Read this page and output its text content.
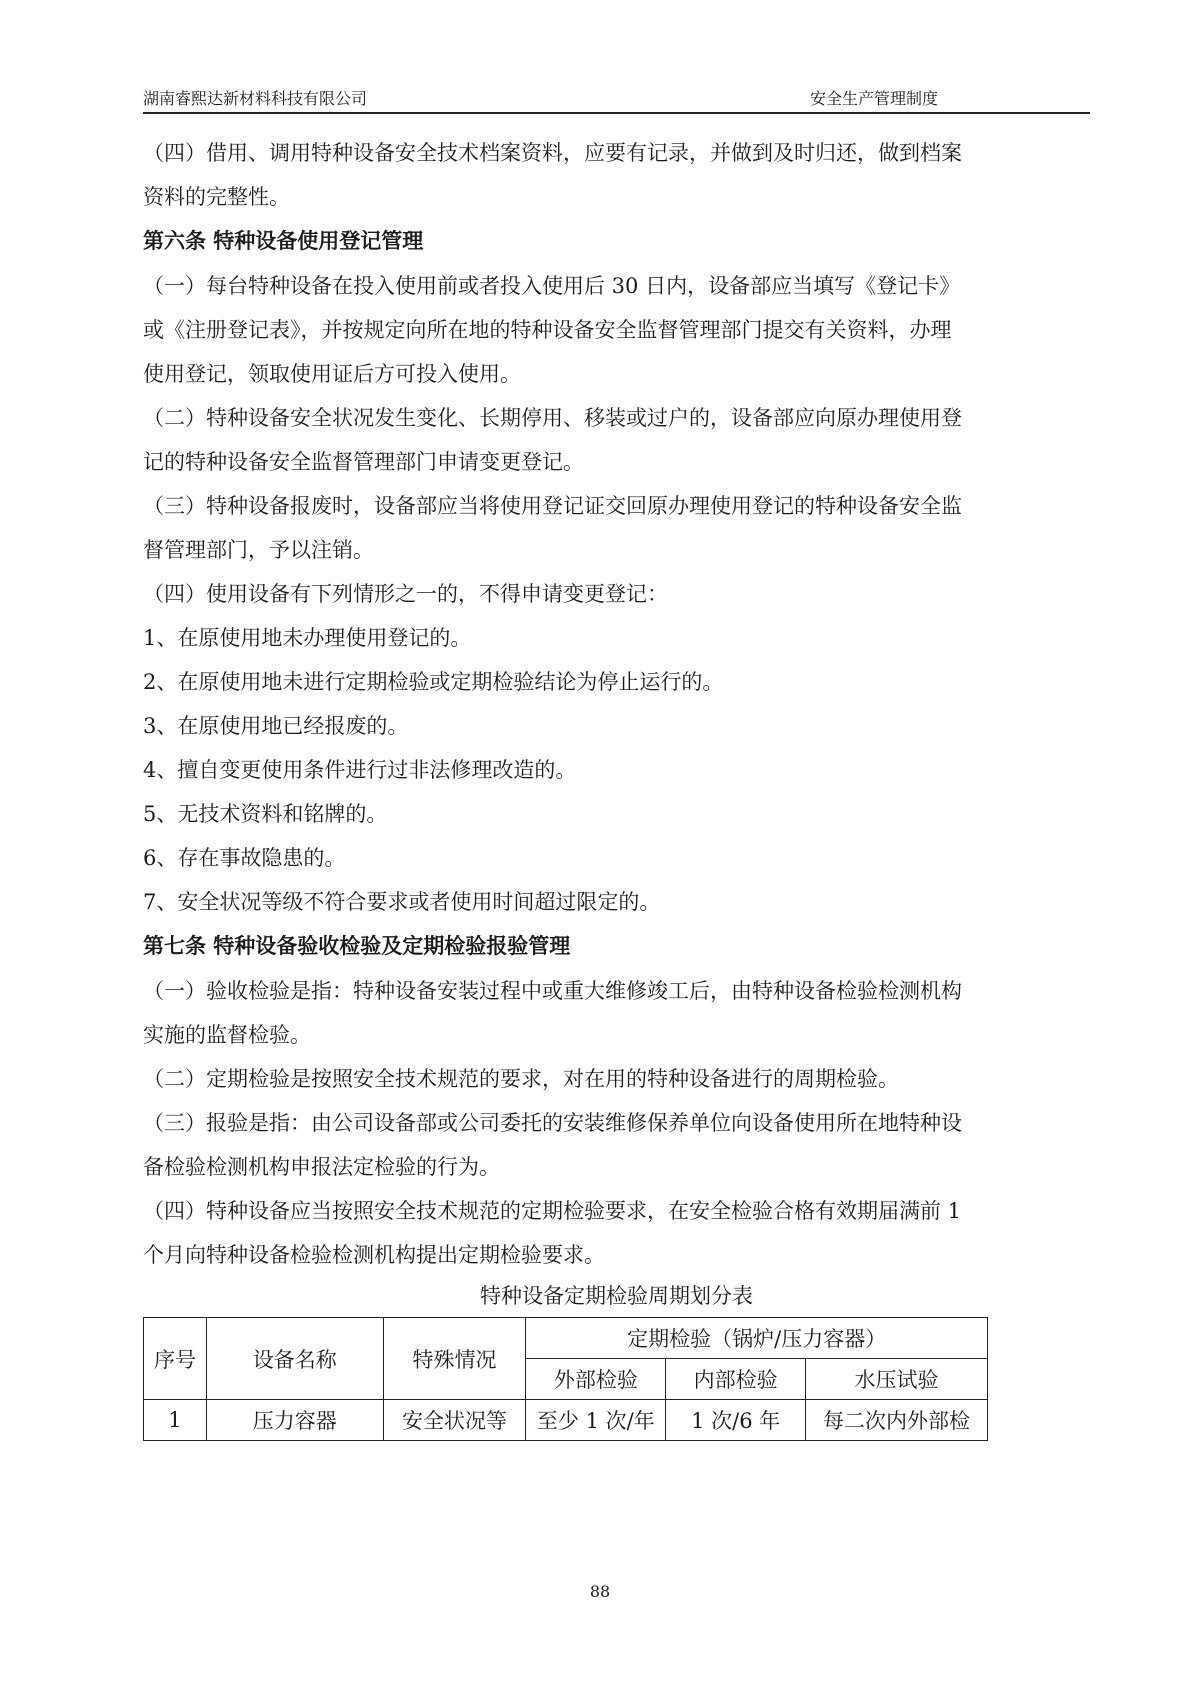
湖南睿熙达新材料科技有限公司	安全生产管理制度
（四）借用、调用特种设备安全技术档案资料，应要有记录，并做到及时归还，做到档案
资料的完整性。
第六条 特种设备使用登记管理
（一）每台特种设备在投入使用前或者投入使用后 30 日内，设备部应当填写《登记卡》
或《注册登记表》，并按规定向所在地的特种设备安全监督管理部门提交有关资料，办理
使用登记，领取使用证后方可投入使用。
（二）特种设备安全状况发生变化、长期停用、移装或过户的，设备部应向原办理使用登
记的特种设备安全监督管理部门申请变更登记。
（三）特种设备报废时，设备部应当将使用登记证交回原办理使用登记的特种设备安全监
督管理部门，予以注销。
（四）使用设备有下列情形之一的，不得申请变更登记：
1、在原使用地未办理使用登记的。
2、在原使用地未进行定期检验或定期检验结论为停止运行的。
3、在原使用地已经报废的。
4、擅自变更使用条件进行过非法修理改造的。
5、无技术资料和铭牌的。
6、存在事故隐患的。
7、安全状况等级不符合要求或者使用时间超过限定的。
第七条 特种设备验收检验及定期检验报验管理
（一）验收检验是指：特种设备安装过程中或重大维修竣工后，由特种设备检验检测机构
实施的监督检验。
（二）定期检验是按照安全技术规范的要求，对在用的特种设备进行的周期检验。
（三）报验是指：由公司设备部或公司委托的安装维修保养单位向设备使用所在地特种设
备检验检测机构申报法定检验的行为。
（四）特种设备应当按照安全技术规范的定期检验要求，在安全检验合格有效期届满前 1
个月向特种设备检验检测机构提出定期检验要求。
特种设备定期检验周期划分表
序号	设备名称	特殊情况	定期检验（锅炉/压力容器）		
			外部检验	内部检验	水压试验
1	压力容器	安全状况等	至少 1 次/年	1 次/6 年	每二次内外部检
88
